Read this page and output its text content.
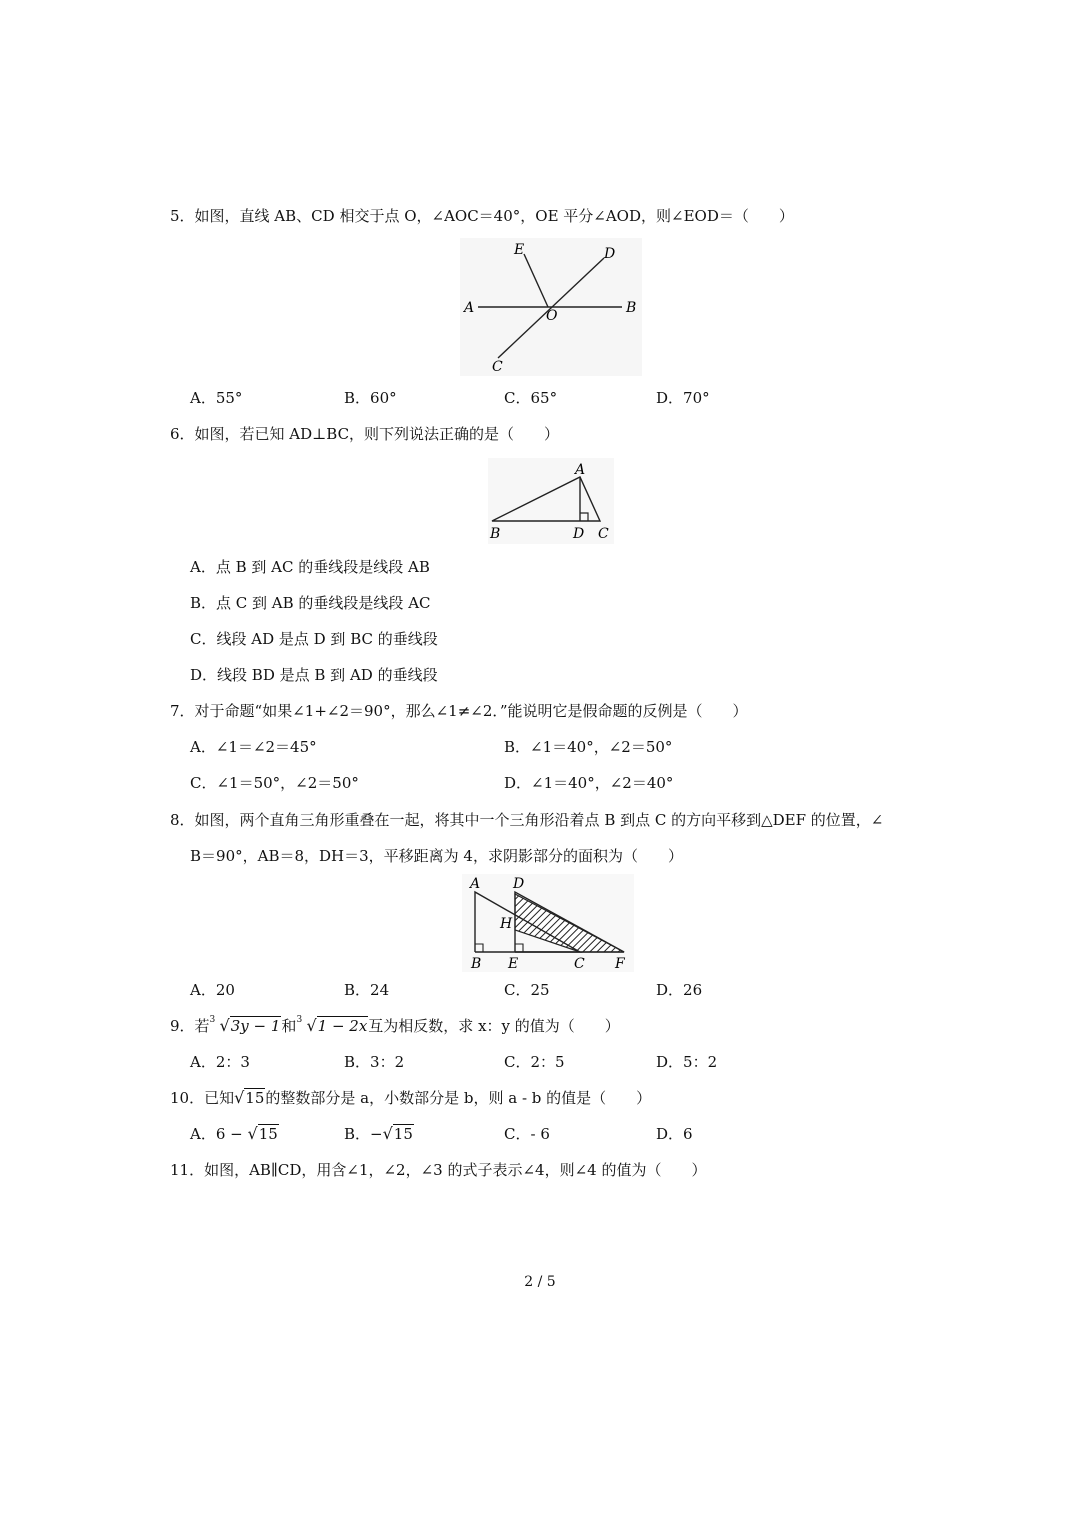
5．如图，直线 AB、CD 相交于点 O，∠AOC＝40°，OE 平分∠AOD，则∠EOD＝（　　）
E	D
A	O	B
C
A．55°	B．60°	C．65°	D．70°
6．如图，若已知 AD⊥BC，则下列说法正确的是（　　）
A
B	D C
A．点 B 到 AC 的垂线段是线段 AB
B．点 C 到 AB 的垂线段是线段 AC
C．线段 AD 是点 D 到 BC 的垂线段
D．线段 BD 是点 B 到 AD 的垂线段
7．对于命题“如果∠1+∠2＝90°，那么∠1≠∠2．”能说明它是假命题的反例是（　　）
A．∠1＝∠2＝45°	B．∠1＝40°，∠2＝50°
C．∠1＝50°，∠2＝50°	D．∠1＝40°，∠2＝40°
8．如图，两个直角三角形重叠在一起，将其中一个三角形沿着点 B 到点 C 的方向平移到△DEF 的位置，∠
B＝90°，AB＝8，DH＝3，平移距离为 4，求阴影部分的面积为（　　）
A D
H
B E	C F
A．20	B．24	C．25	D．26
9．若 3 √3y − 1和 3 √1 − 2x互为相反数，求 x：y 的值为（　　）
A．2：3	B．3：2	C．2：5	D．5：2
10．已知√15的整数部分是 a，小数部分是 b，则 a - b 的值是（　　）
A．6 − √15	B．−√15	C．- 6	D．6
11．如图，AB∥CD，用含∠1，∠2，∠3 的式子表示∠4，则∠4 的值为（　　）
2 / 5
